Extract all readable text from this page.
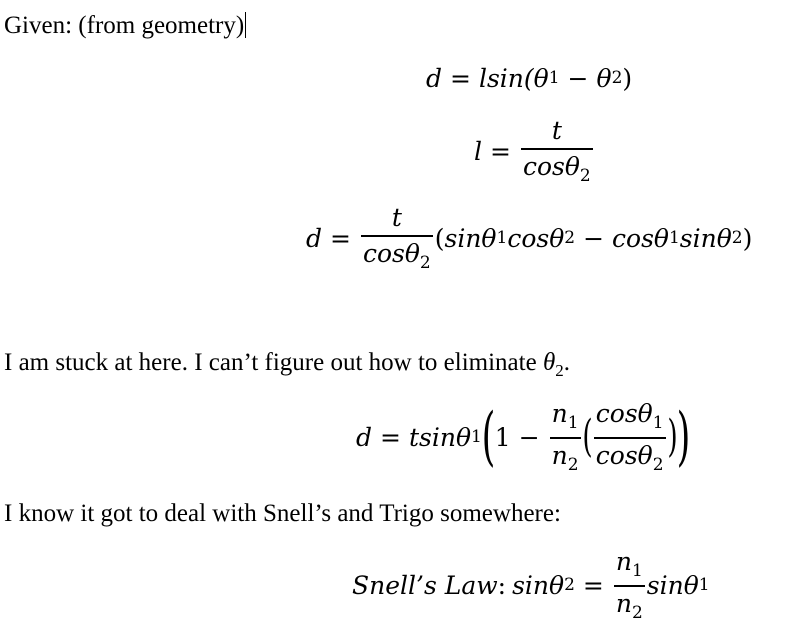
Given: (from geometry)
d = lsin( θ 1 − θ 2 )
$l = \frac{t}{\cos\theta_2}$
$d = \frac{t}{\cos\theta_2}$ ( sinθ 1 cosθ 2 − cosθ 1 sinθ 2 )
I am stuck at here. I can’t figure out how to eliminate $\theta_2$.
d = tsinθ 1 ( $1 - \frac{n_1}{n_2}$ ( $\frac{\cos\theta_1}{\cos\theta_2}$ ) )
I know it got to deal with Snell’s and Trigo somewhere:
Snell’s Law : sinθ $2 = \frac{n_1}{n_2}$ sinθ 1
